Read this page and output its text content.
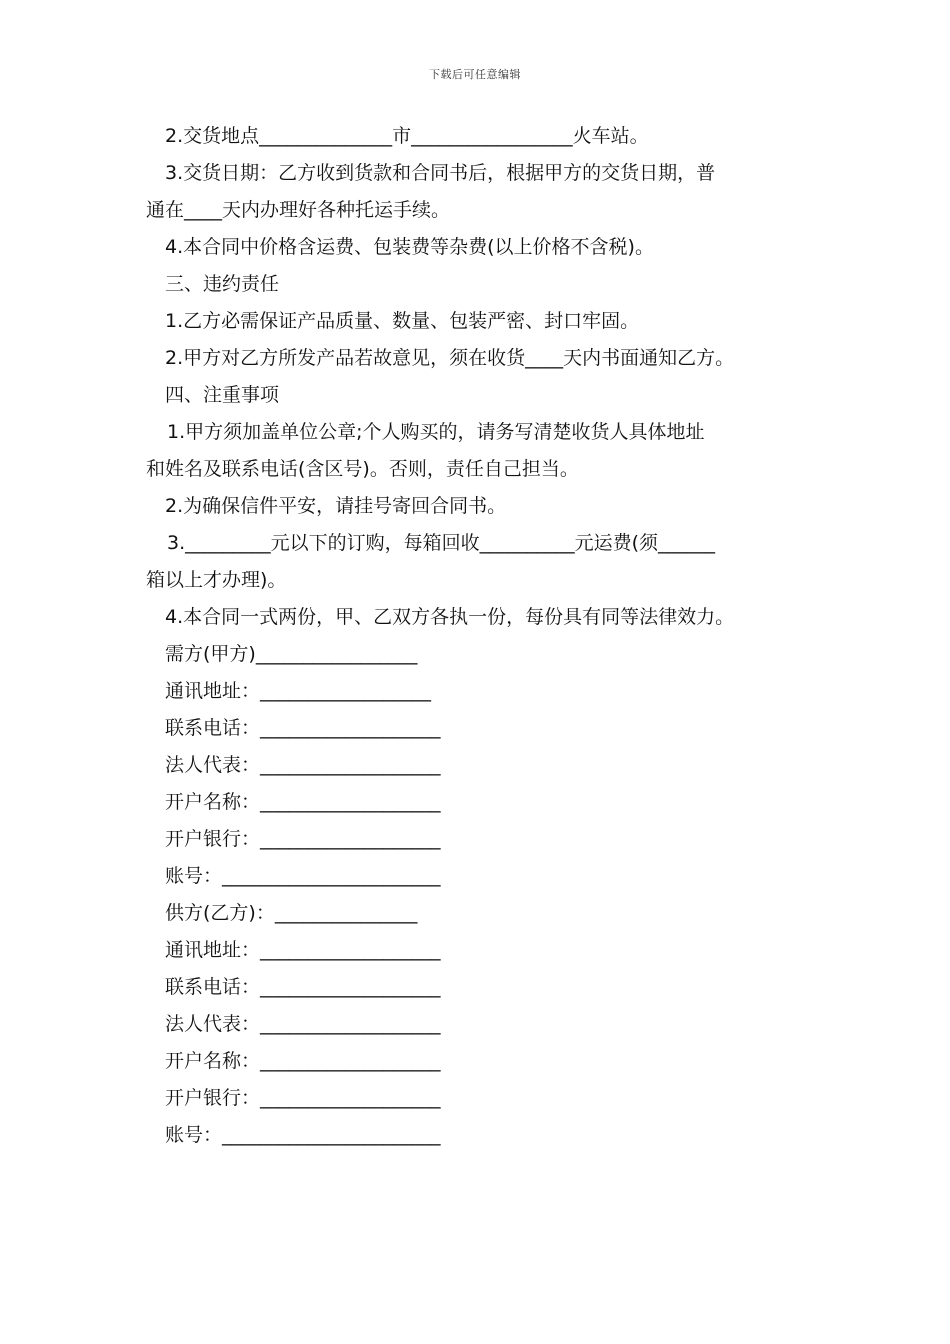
下载后可任意编辑
2.交货地点______________市_________________火车站。
3.交货日期：乙方收到货款和合同书后，根据甲方的交货日期，普
通在____天内办理好各种托运手续。
4.本合同中价格含运费、包装费等杂费(以上价格不含税)。
三、违约责任
1.乙方必需保证产品质量、数量、包装严密、封口牢固。
2.甲方对乙方所发产品若故意见，须在收货____天内书面通知乙方。
四、注重事项
1.甲方须加盖单位公章;个人购买的，请务写清楚收货人具体地址
和姓名及联系电话(含区号)。否则，责任自己担当。
2.为确保信件平安，请挂号寄回合同书。
3._________元以下的订购，每箱回收__________元运费(须______
箱以上才办理)。
4.本合同一式两份，甲、乙双方各执一份，每份具有同等法律效力。
需方(甲方)_________________
通讯地址：__________________
联系电话：___________________
法人代表：___________________
开户名称：___________________
开户银行：___________________
账号：_______________________
供方(乙方)：_______________
通讯地址：___________________
联系电话：___________________
法人代表：___________________
开户名称：___________________
开户银行：___________________
账号：_______________________
